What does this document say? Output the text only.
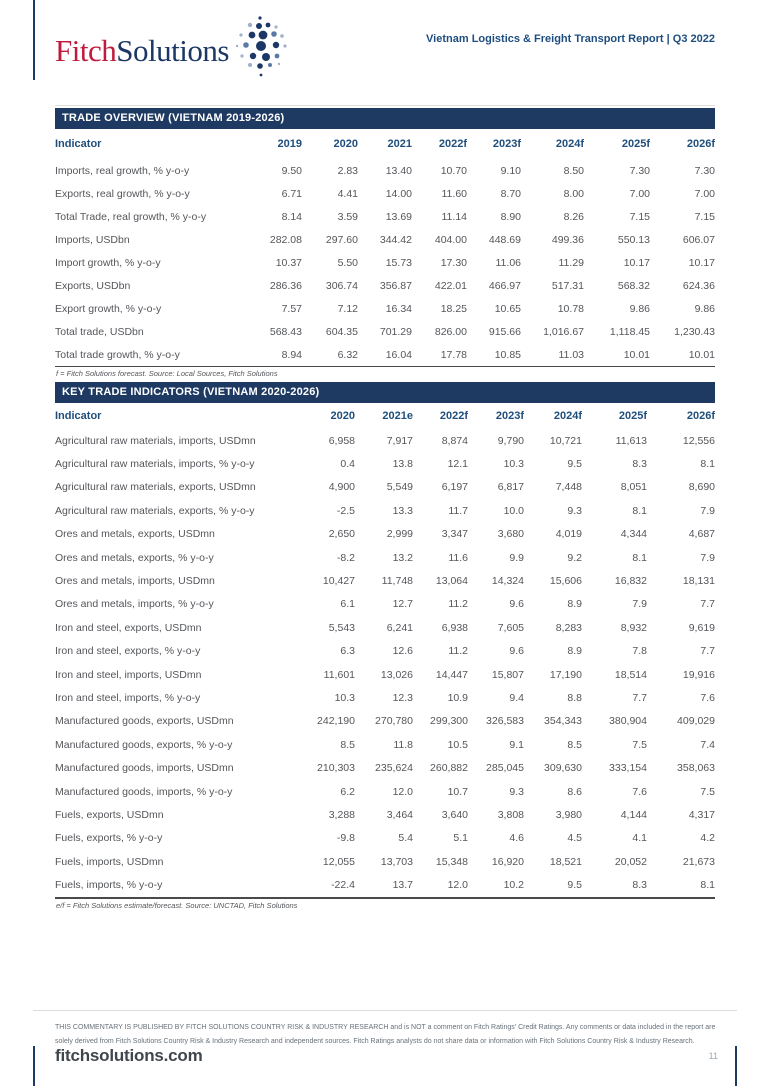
FitchSolutions	Vietnam Logistics & Freight Transport Report | Q3 2022
TRADE OVERVIEW (VIETNAM 2019-2026)
Indicator	2019	2020	2021	2022f	2023f	2024f	2025f	2026f
Imports, real growth, % y-o-y	9.50	2.83	13.40	10.70	9.10	8.50	7.30	7.30
Exports, real growth, % y-o-y	6.71	4.41	14.00	11.60	8.70	8.00	7.00	7.00
Total Trade, real growth, % y-o-y	8.14	3.59	13.69	11.14	8.90	8.26	7.15	7.15
Imports, USDbn	282.08	297.60	344.42	404.00	448.69	499.36	550.13	606.07
Import growth, % y-o-y	10.37	5.50	15.73	17.30	11.06	11.29	10.17	10.17
Exports, USDbn	286.36	306.74	356.87	422.01	466.97	517.31	568.32	624.36
Export growth, % y-o-y	7.57	7.12	16.34	18.25	10.65	10.78	9.86	9.86
Total trade, USDbn	568.43	604.35	701.29	826.00	915.66	1,016.67	1,118.45	1,230.43
Total trade growth, % y-o-y	8.94	6.32	16.04	17.78	10.85	11.03	10.01	10.01
f = Fitch Solutions forecast. Source: Local Sources, Fitch Solutions
KEY TRADE INDICATORS (VIETNAM 2020-2026)
Indicator	2020	2021e	2022f	2023f	2024f	2025f	2026f
Agricultural raw materials, imports, USDmn	6,958	7,917	8,874	9,790	10,721	11,613	12,556
Agricultural raw materials, imports, % y-o-y	0.4	13.8	12.1	10.3	9.5	8.3	8.1
Agricultural raw materials, exports, USDmn	4,900	5,549	6,197	6,817	7,448	8,051	8,690
Agricultural raw materials, exports, % y-o-y	-2.5	13.3	11.7	10.0	9.3	8.1	7.9
Ores and metals, exports, USDmn	2,650	2,999	3,347	3,680	4,019	4,344	4,687
Ores and metals, exports, % y-o-y	-8.2	13.2	11.6	9.9	9.2	8.1	7.9
Ores and metals, imports, USDmn	10,427	11,748	13,064	14,324	15,606	16,832	18,131
Ores and metals, imports, % y-o-y	6.1	12.7	11.2	9.6	8.9	7.9	7.7
Iron and steel, exports, USDmn	5,543	6,241	6,938	7,605	8,283	8,932	9,619
Iron and steel, exports, % y-o-y	6.3	12.6	11.2	9.6	8.9	7.8	7.7
Iron and steel, imports, USDmn	11,601	13,026	14,447	15,807	17,190	18,514	19,916
Iron and steel, imports, % y-o-y	10.3	12.3	10.9	9.4	8.8	7.7	7.6
Manufactured goods, exports, USDmn	242,190	270,780	299,300	326,583	354,343	380,904	409,029
Manufactured goods, exports, % y-o-y	8.5	11.8	10.5	9.1	8.5	7.5	7.4
Manufactured goods, imports, USDmn	210,303	235,624	260,882	285,045	309,630	333,154	358,063
Manufactured goods, imports, % y-o-y	6.2	12.0	10.7	9.3	8.6	7.6	7.5
Fuels, exports, USDmn	3,288	3,464	3,640	3,808	3,980	4,144	4,317
Fuels, exports, % y-o-y	-9.8	5.4	5.1	4.6	4.5	4.1	4.2
Fuels, imports, USDmn	12,055	13,703	15,348	16,920	18,521	20,052	21,673
Fuels, imports, % y-o-y	-22.4	13.7	12.0	10.2	9.5	8.3	8.1
e/f = Fitch Solutions estimate/forecast. Source: UNCTAD, Fitch Solutions
THIS COMMENTARY IS PUBLISHED BY FITCH SOLUTIONS COUNTRY RISK & INDUSTRY RESEARCH and is NOT a comment on Fitch Ratings' Credit Ratings. Any comments or data included in the report are solely derived from Fitch Solutions Country Risk & Industry Research and independent sources. Fitch Ratings analysts do not share data or information with Fitch Solutions Country Risk & Industry Research.
fitchsolutions.com	11
